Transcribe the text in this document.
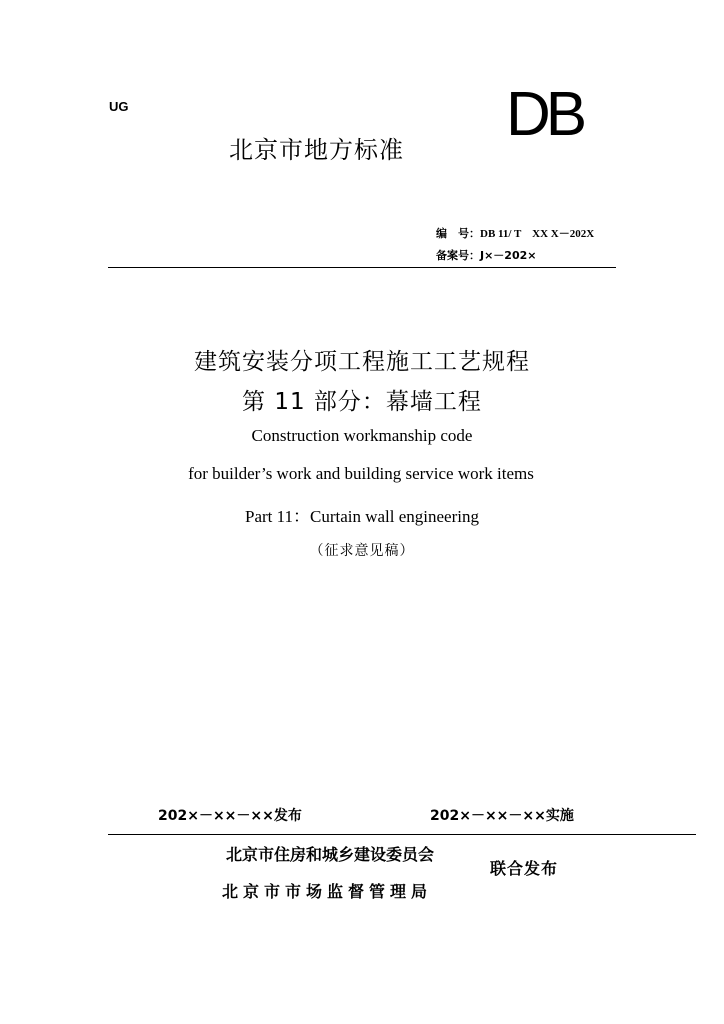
UG
北京市地方标准
DB
编　号：DB 11/ T　XX X－202X
备案号：J×－202×
建筑安装分项工程施工工艺规程
第 11 部分：幕墙工程
Construction workmanship code
for builder’s work and building service work items
Part 11：Curtain wall engineering
（征求意见稿）
202×－××－××发布	202×－××－××实施
北京市住房和城乡建设委员会
北京市市场监督管理局
联合发布
